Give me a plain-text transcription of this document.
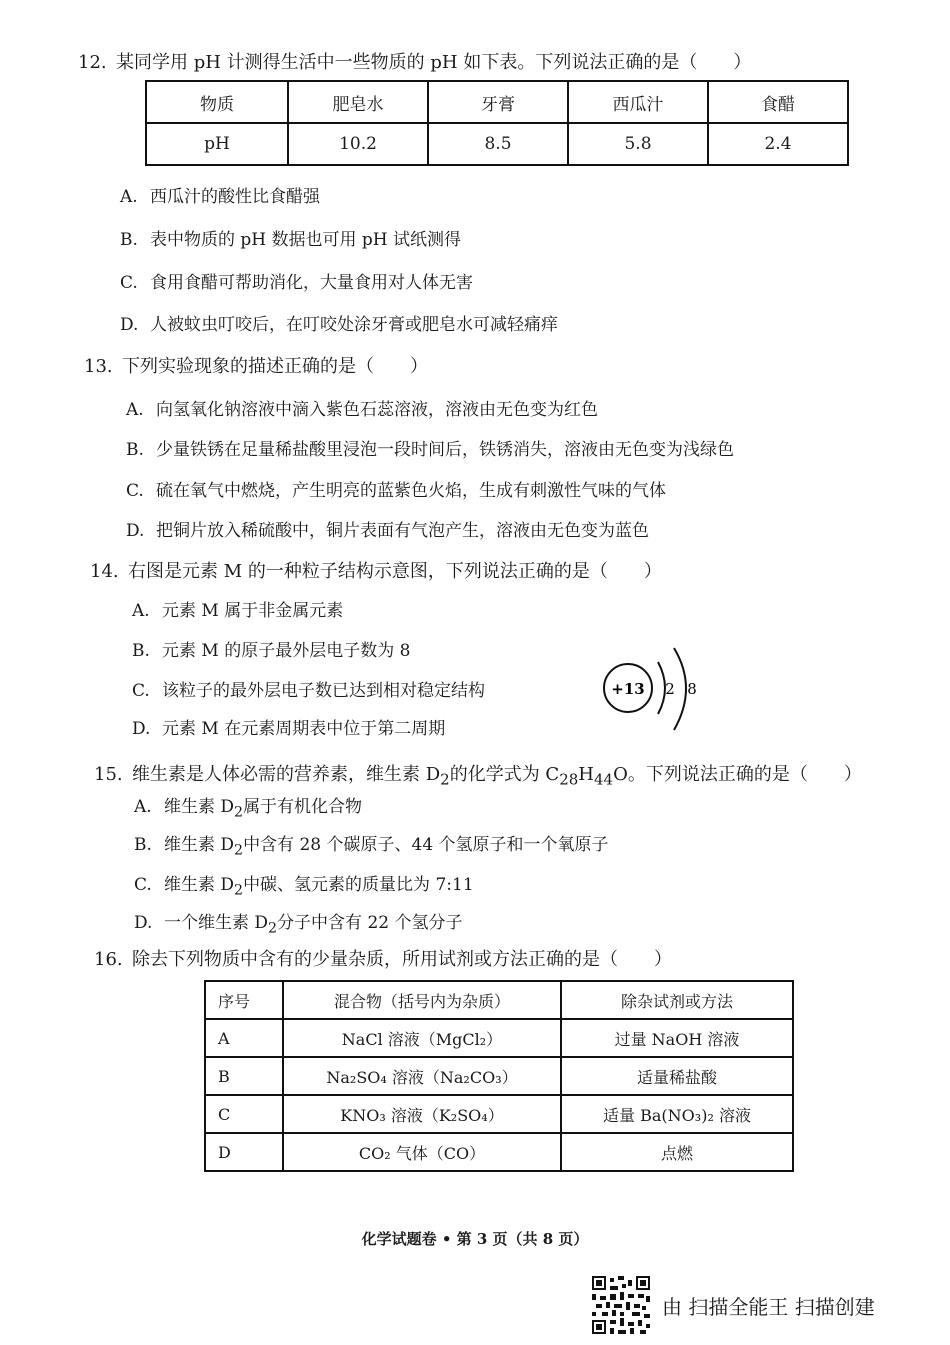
12. 某同学用 pH 计测得生活中一些物质的 pH 如下表。下列说法正确的是（　　）
物质	肥皂水	牙膏	西瓜汁	食醋
pH	10.2	8.5	5.8	2.4
A. 西瓜汁的酸性比食醋强
B. 表中物质的 pH 数据也可用 pH 试纸测得
C. 食用食醋可帮助消化，大量食用对人体无害
D. 人被蚊虫叮咬后，在叮咬处涂牙膏或肥皂水可减轻痛痒
13. 下列实验现象的描述正确的是（　　）
A. 向氢氧化钠溶液中滴入紫色石蕊溶液，溶液由无色变为红色
B. 少量铁锈在足量稀盐酸里浸泡一段时间后，铁锈消失，溶液由无色变为浅绿色
C. 硫在氧气中燃烧，产生明亮的蓝紫色火焰，生成有刺激性气味的气体
D. 把铜片放入稀硫酸中，铜片表面有气泡产生，溶液由无色变为蓝色
14. 右图是元素 M 的一种粒子结构示意图，下列说法正确的是（　　）
A. 元素 M 属于非金属元素
B. 元素 M 的原子最外层电子数为 8
C. 该粒子的最外层电子数已达到相对稳定结构
D. 元素 M 在元素周期表中位于第二周期
+13 2 8
15. 维生素是人体必需的营养素，维生素 $D_2$的化学式为 $C_{28}H_{44}O$。下列说法正确的是（　　）
A. 维生素 $D_2$属于有机化合物
B. 维生素 $D_2$中含有 28 个碳原子、44 个氢原子和一个氧原子
C. 维生素 $D_2$中碳、氢元素的质量比为 7:11
D. 一个维生素 $D_2$分子中含有 22 个氢分子
16. 除去下列物质中含有的少量杂质，所用试剂或方法正确的是（　　）
序号	混合物（括号内为杂质）	除杂试剂或方法
A	NaCl 溶液（MgCl₂）	过量 NaOH 溶液
B	Na₂SO₄ 溶液（Na₂CO₃）	适量稀盐酸
C	KNO₃ 溶液（K₂SO₄）	适量 Ba(NO₃)₂ 溶液
D	CO₂ 气体（CO）	点燃
化学试题卷 • 第 3 页（共 8 页）
由 扫描全能王 扫描创建
